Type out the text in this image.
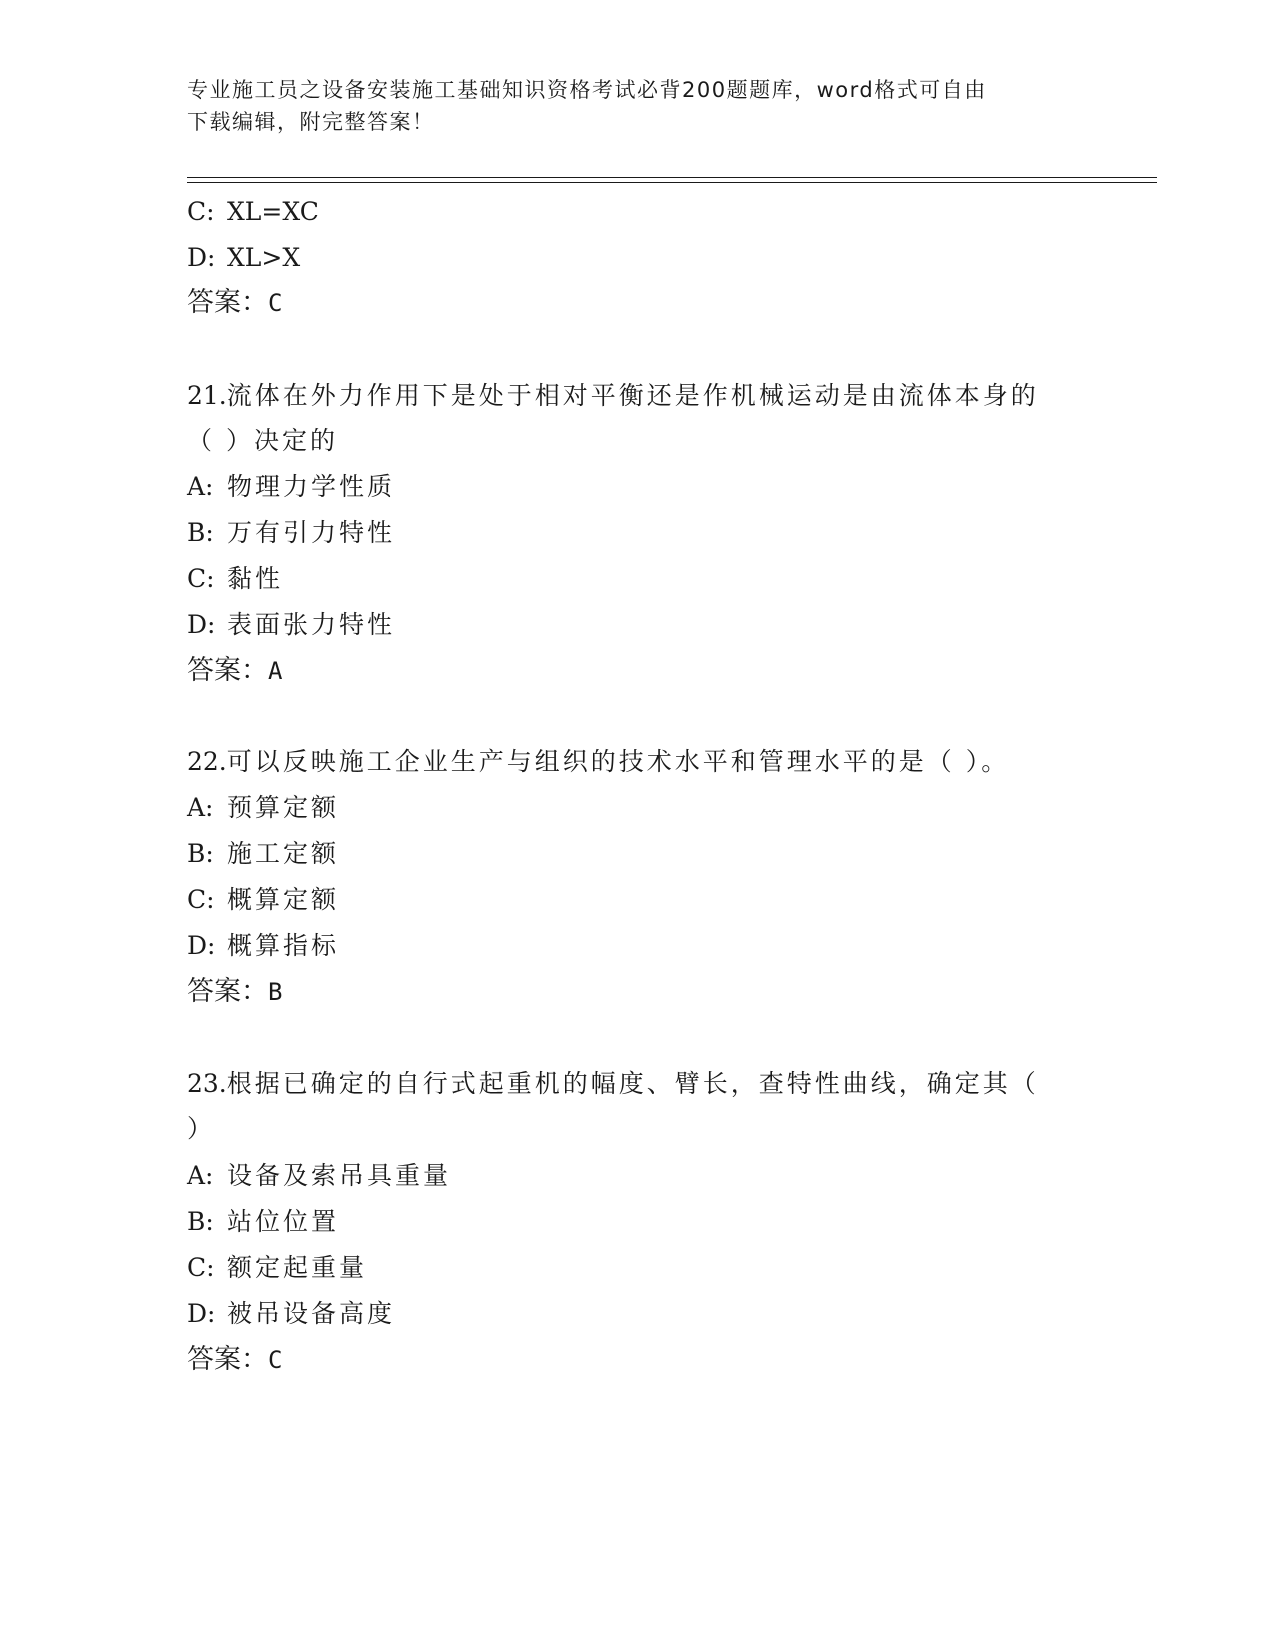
专业施工员之设备安装施工基础知识资格考试必背200题题库，word格式可自由
下载编辑，附完整答案！
C: XL=XC
D: XL>X
答案：C
21.流体在外力作用下是处于相对平衡还是作机械运动是由流体本身的
（ ）决定的
A: 物理力学性质
B: 万有引力特性
C: 黏性
D: 表面张力特性
答案：A
22.可以反映施工企业生产与组织的技术水平和管理水平的是（ ）。
A: 预算定额
B: 施工定额
C: 概算定额
D: 概算指标
答案：B
23.根据已确定的自行式起重机的幅度、臂长，查特性曲线，确定其（
）
A: 设备及索吊具重量
B: 站位位置
C: 额定起重量
D: 被吊设备高度
答案：C
